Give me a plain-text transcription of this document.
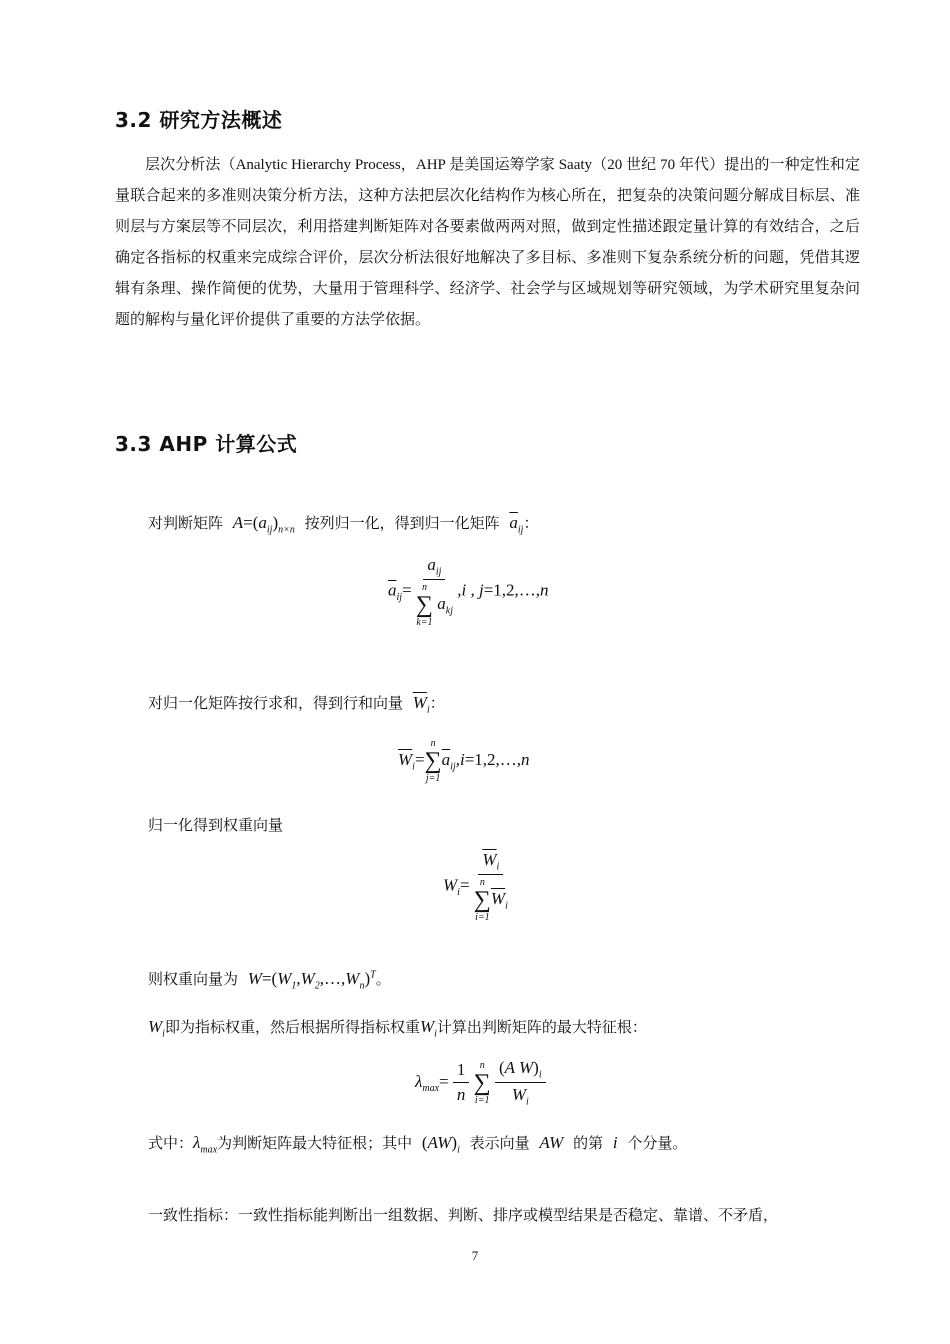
3.2 研究方法概述

层次分析法（Analytic Hierarchy Process，AHP 是美国运筹学家 Saaty（20 世纪 70 年代）提出的一种定性和定量联合起来的多准则决策分析方法，这种方法把层次化结构作为核心所在，把复杂的决策问题分解成目标层、准则层与方案层等不同层次，利用搭建判断矩阵对各要素做两两对照，做到定性描述跟定量计算的有效结合，之后确定各指标的权重来完成综合评价，层次分析法很好地解决了多目标、多准则下复杂系统分析的问题，凭借其逻辑有条理、操作简便的优势，大量用于管理科学、经济学、社会学与区域规划等研究领域，为学术研究里复杂问题的解构与量化评价提供了重要的方法学依据。

3.3 AHP 计算公式
对判断矩阵 $A=(a_{ij})_{n\times n}$ 按列归一化，得到归一化矩阵 $\overline{a}_{ij}$：
$\overline{a}_{ij}= a_{ij}$
n
∑
k=1
$a_{kj}$ ,i , j=1,2,…,n
对归一化矩阵按行求和，得到行和向量 $\overline{W}_i$：
$\overline{W}_i=$
n
∑
j=1
$\overline{a}_{ij},i=1,2,\dots,n$
归一化得到权重向量
$W_i= \overline{W}_i$
n
∑
i=1
$\overline{W}_i$
则权重向量为 $W=(W_1,W_2,\dots,W_n)^T$。
$W_i$即为指标权重，然后根据所得指标权重$W_i$计算出判断矩阵的最大特征根：
$\lambda_{max}= \frac{1}{n}$
n
∑
i=1
$\frac{(A W)_i}{W_i}$
式中：$\lambda_{max}$为判断矩阵最大特征根；其中 $(AW)_i$ 表示向量 AW 的第 i 个分量。
一致性指标：一致性指标能判断出一组数据、判断、排序或模型结果是否稳定、靠谱、不矛盾，
7
